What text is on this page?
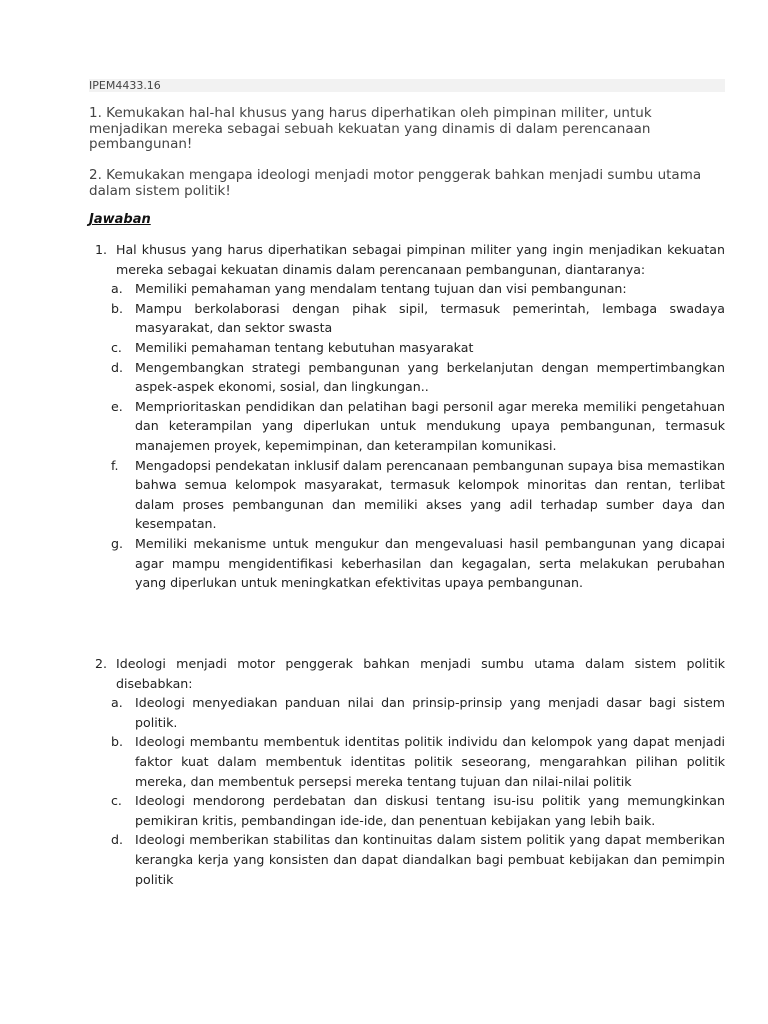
IPEM4433.16
1. Kemukakan hal-hal khusus yang harus diperhatikan oleh pimpinan militer, untuk menjadikan mereka sebagai sebuah kekuatan yang dinamis di dalam perencanaan pembangunan!
2. Kemukakan mengapa ideologi menjadi motor penggerak bahkan menjadi sumbu utama dalam sistem politik!
Jawaban
1. Hal khusus yang harus diperhatikan sebagai pimpinan militer yang ingin menjadikan kekuatan mereka sebagai kekuatan dinamis dalam perencanaan pembangunan, diantaranya:
a. Memiliki pemahaman yang mendalam tentang tujuan dan visi pembangunan:
b. Mampu berkolaborasi dengan pihak sipil, termasuk pemerintah, lembaga swadaya masyarakat, dan sektor swasta
c.	Memiliki pemahaman tentang kebutuhan masyarakat
d. Mengembangkan strategi pembangunan yang berkelanjutan dengan mempertimbangkan aspek-aspek ekonomi, sosial, dan lingkungan..
e. Memprioritaskan pendidikan dan pelatihan bagi personil agar mereka memiliki pengetahuan dan keterampilan yang diperlukan untuk mendukung upaya pembangunan, termasuk manajemen proyek, kepemimpinan, dan keterampilan komunikasi.
f.	Mengadopsi pendekatan inklusif dalam perencanaan pembangunan supaya bisa memastikan bahwa semua kelompok masyarakat, termasuk kelompok minoritas dan rentan, terlibat dalam proses pembangunan dan memiliki akses yang adil terhadap sumber daya dan kesempatan.
g. Memiliki mekanisme untuk mengukur dan mengevaluasi hasil pembangunan yang dicapai agar mampu mengidentifikasi keberhasilan dan kegagalan, serta melakukan perubahan yang diperlukan untuk meningkatkan efektivitas upaya pembangunan.
2. Ideologi menjadi motor penggerak bahkan menjadi sumbu utama dalam sistem politik disebabkan:
a. Ideologi menyediakan panduan nilai dan prinsip-prinsip yang menjadi dasar bagi sistem politik.
b. Ideologi membantu membentuk identitas politik individu dan kelompok yang dapat menjadi faktor kuat dalam membentuk identitas politik seseorang, mengarahkan pilihan politik mereka, dan membentuk persepsi mereka tentang tujuan dan nilai-nilai politik
c.	Ideologi mendorong perdebatan dan diskusi tentang isu-isu politik yang memungkinkan pemikiran kritis, pembandingan ide-ide, dan penentuan kebijakan yang lebih baik.
d. Ideologi memberikan stabilitas dan kontinuitas dalam sistem politik yang dapat memberikan kerangka kerja yang konsisten dan dapat diandalkan bagi pembuat kebijakan dan pemimpin politik
